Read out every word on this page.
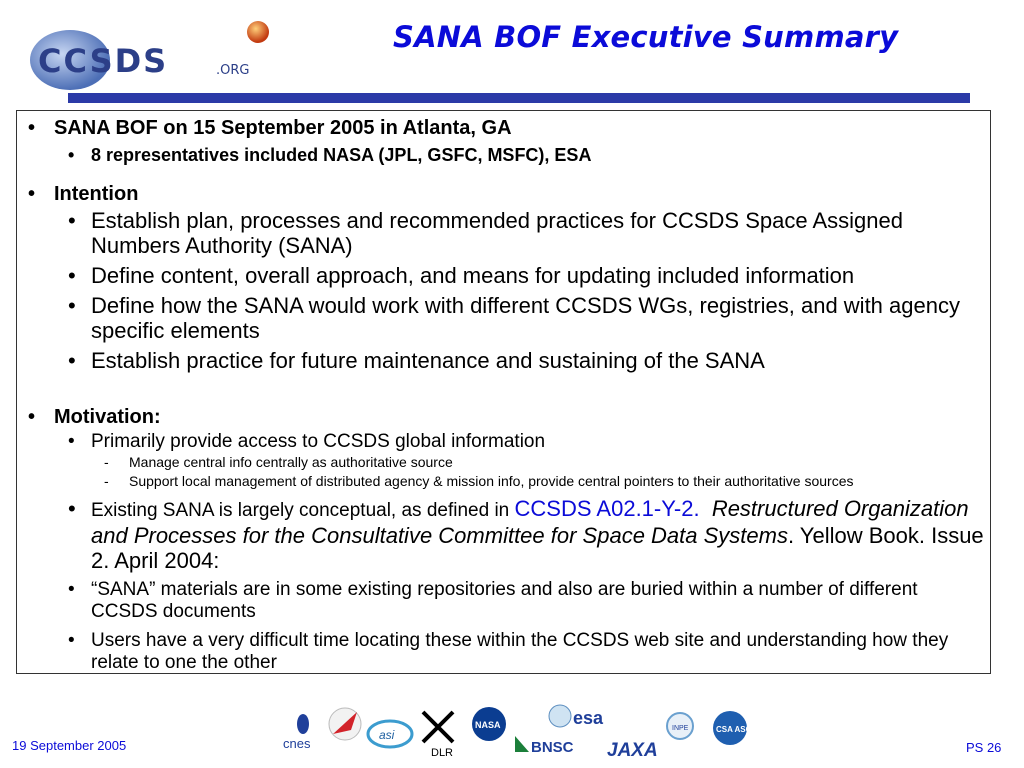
CCSDS	.ORG
SANA BOF Executive Summary
• SANA BOF on 15 September 2005 in Atlanta, GA
• 8 representatives included NASA (JPL, GSFC, MSFC), ESA
• Intention
• Establish plan, processes and recommended practices for CCSDS Space Assigned Numbers Authority (SANA)
• Define content, overall approach, and means for updating included information
• Define how the SANA would work with different CCSDS WGs, registries, and with agency specific elements
• Establish practice for future maintenance and sustaining of the SANA
• Motivation:
• Primarily provide access to CCSDS global information
- Manage central info centrally as authoritative source
- Support local management of distributed agency & mission info, provide central pointers to their authoritative sources
• Existing SANA is largely conceptual, as defined in CCSDS A02.1-Y-2. Restructured Organization and Processes for the Consultative Committee for Space Data Systems. Yellow Book. Issue 2. April 2004:
• “SANA” materials are in some existing repositories and also are buried within a number of different CCSDS documents
• Users have a very difficult time locating these within the CCSDS web site and understanding how they relate to one the other
19 September 2005	PS 26
cnes
asi
DLR
NASA
BNSC
esa
JAXA
INPE	CSA ASC
